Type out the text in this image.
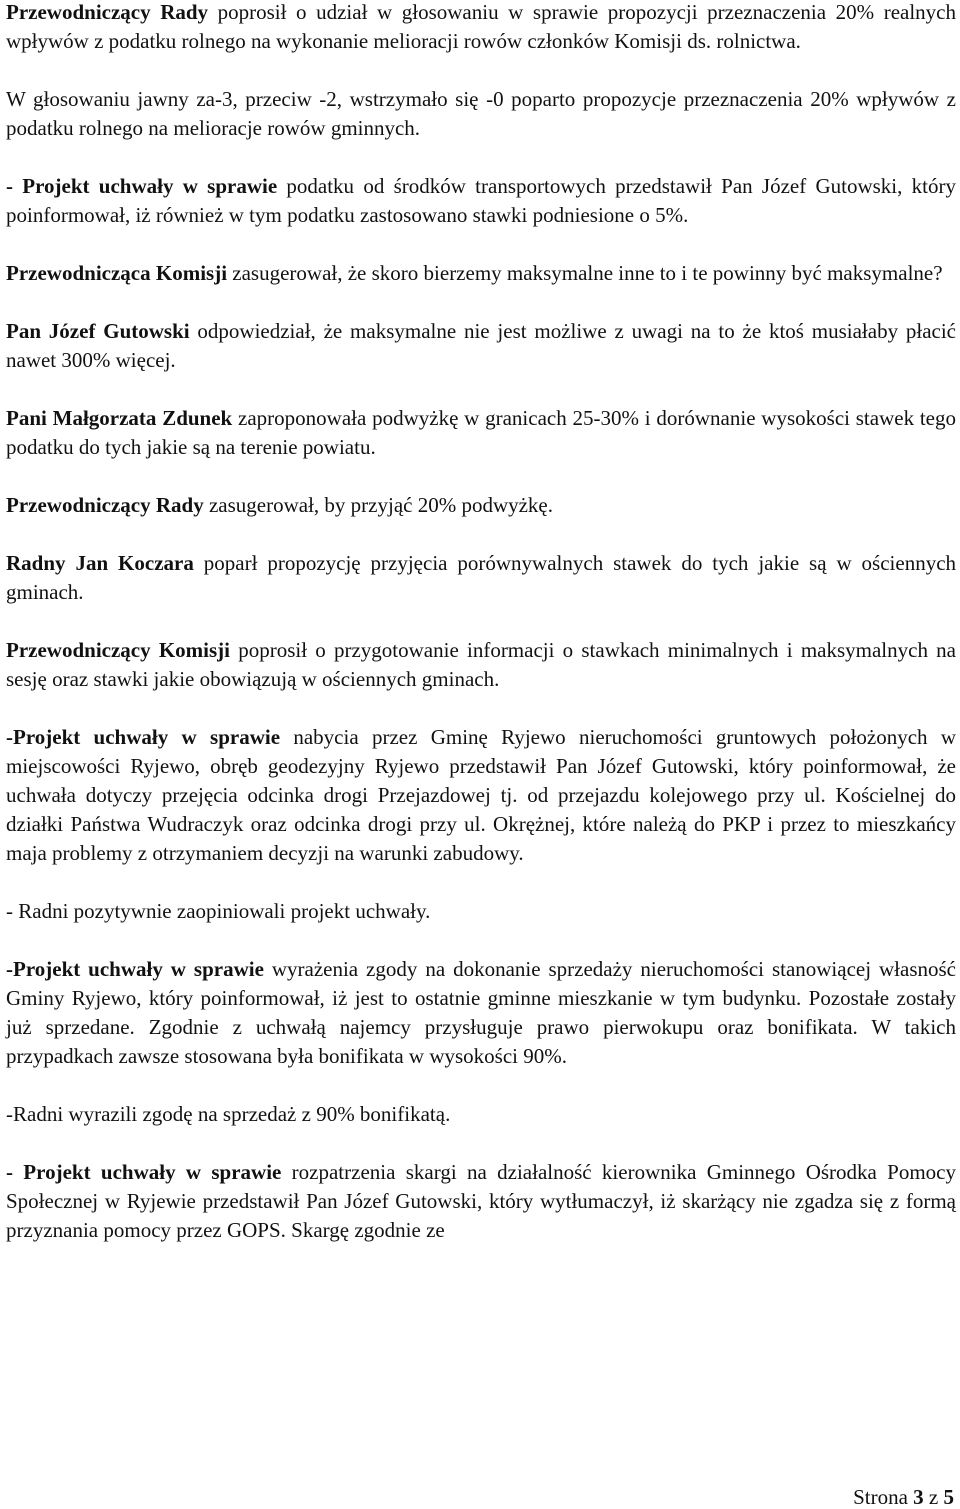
Przewodniczący Rady poprosił o udział w głosowaniu w sprawie propozycji przeznaczenia 20% realnych wpływów z podatku rolnego na wykonanie melioracji rowów członków Komisji ds. rolnictwa.

W głosowaniu jawny za-3, przeciw -2, wstrzymało się -0 poparto propozycje przeznaczenia 20% wpływów z podatku rolnego na melioracje rowów gminnych.

- Projekt uchwały w sprawie podatku od środków transportowych przedstawił Pan Józef Gutowski, który poinformował, iż również w tym podatku zastosowano stawki podniesione o 5%.

Przewodnicząca Komisji zasugerował, że skoro bierzemy maksymalne inne to i te powinny być maksymalne?

Pan Józef Gutowski odpowiedział, że maksymalne nie jest możliwe z uwagi na to że ktoś musiałaby płacić nawet 300% więcej.

Pani Małgorzata Zdunek zaproponowała podwyżkę w granicach 25-30% i dorównanie wysokości stawek tego podatku do tych jakie są na terenie powiatu.

Przewodniczący Rady zasugerował, by przyjąć 20% podwyżkę.

Radny Jan Koczara poparł propozycję przyjęcia porównywalnych stawek do tych jakie są w ościennych gminach.

Przewodniczący Komisji poprosił o przygotowanie informacji o stawkach minimalnych i maksymalnych na sesję oraz stawki jakie obowiązują w ościennych gminach.

-Projekt uchwały w sprawie nabycia przez Gminę Ryjewo nieruchomości gruntowych położonych w miejscowości Ryjewo, obręb geodezyjny Ryjewo przedstawił Pan Józef Gutowski, który poinformował, że uchwała dotyczy przejęcia odcinka drogi Przejazdowej tj. od przejazdu kolejowego przy ul. Kościelnej do działki Państwa Wudraczyk oraz odcinka drogi przy ul. Okrężnej, które należą do PKP i przez to mieszkańcy maja problemy z otrzymaniem decyzji na warunki zabudowy.

- Radni pozytywnie zaopiniowali projekt uchwały.

-Projekt uchwały w sprawie wyrażenia zgody na dokonanie sprzedaży nieruchomości stanowiącej własność Gminy Ryjewo, który poinformował, iż jest to ostatnie gminne mieszkanie w tym budynku. Pozostałe zostały już sprzedane. Zgodnie z uchwałą najemcy przysługuje prawo pierwokupu oraz bonifikata. W takich przypadkach zawsze stosowana była bonifikata w wysokości 90%.

-Radni wyrazili zgodę na sprzedaż z 90% bonifikatą.

- Projekt uchwały w sprawie rozpatrzenia skargi na działalność kierownika Gminnego Ośrodka Pomocy Społecznej w Ryjewie przedstawił Pan Józef Gutowski, który wytłumaczył, iż skarżący nie zgadza się z formą przyznania pomocy przez GOPS. Skargę zgodnie ze

Strona 3 z 5
